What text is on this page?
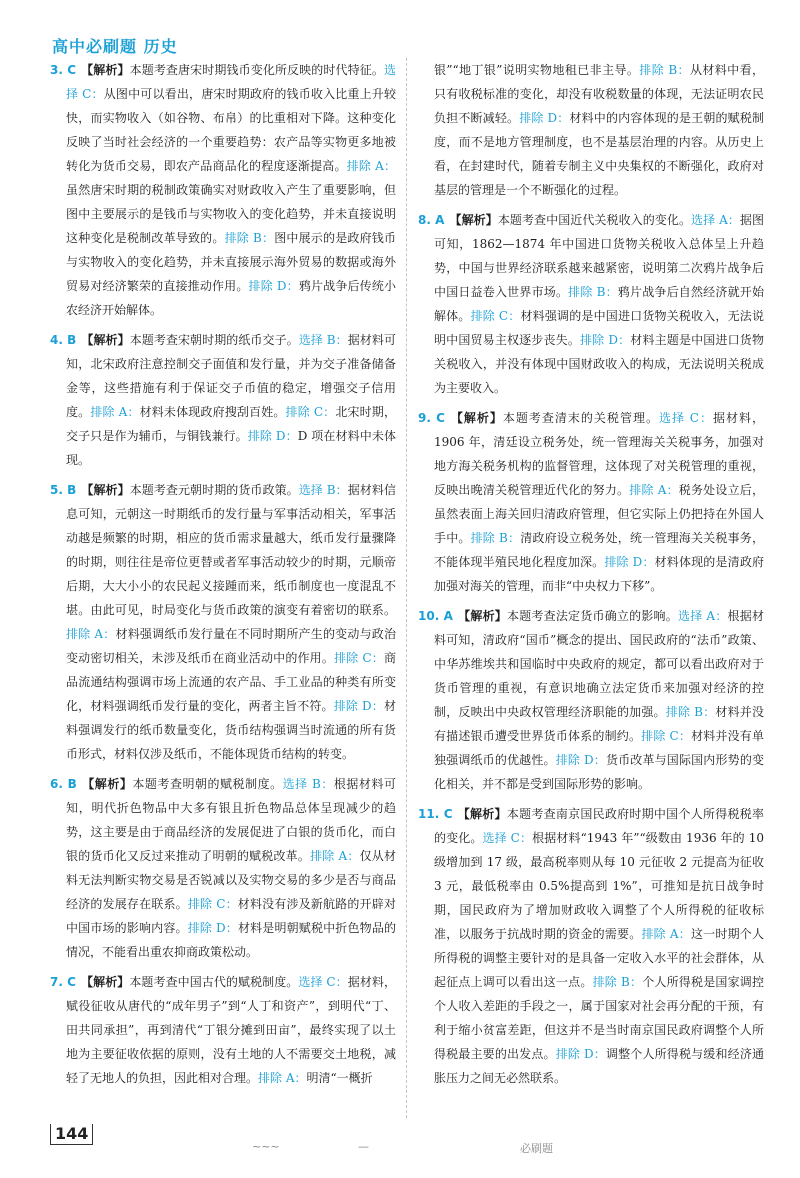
高中必刷题 历史

3. C 【解析】本题考查唐宋时期钱币变化所反映的时代特征。选择 C：从图中可以看出，唐宋时期政府的钱币收入比重上升较快，而实物收入（如谷物、布帛）的比重相对下降。这种变化反映了当时社会经济的一个重要趋势：农产品等实物更多地被转化为货币交易，即农产品商品化的程度逐渐提高。排除 A：虽然唐宋时期的税制政策确实对财政收入产生了重要影响，但图中主要展示的是钱币与实物收入的变化趋势，并未直接说明这种变化是税制改革导致的。排除 B：图中展示的是政府钱币与实物收入的变化趋势，并未直接展示海外贸易的数据或海外贸易对经济繁荣的直接推动作用。排除 D：鸦片战争后传统小农经济开始解体。

4. B 【解析】本题考查宋朝时期的纸币交子。选择 B：据材料可知，北宋政府注意控制交子面值和发行量，并为交子准备储备金等，这些措施有利于保证交子币值的稳定，增强交子信用度。排除 A：材料未体现政府搜刮百姓。排除 C：北宋时期，交子只是作为辅币，与铜钱兼行。排除 D：D 项在材料中未体现。

5. B 【解析】本题考查元朝时期的货币政策。选择 B：据材料信息可知，元朝这一时期纸币的发行量与军事活动相关，军事活动越是频繁的时期，相应的货币需求量越大，纸币发行量骤降的时期，则往往是帝位更替或者军事活动较少的时期，元顺帝后期，大大小小的农民起义接踵而来，纸币制度也一度混乱不堪。由此可见，时局变化与货币政策的演变有着密切的联系。排除 A：材料强调纸币发行量在不同时期所产生的变动与政治变动密切相关，未涉及纸币在商业活动中的作用。排除 C：商品流通结构强调市场上流通的农产品、手工业品的种类有所变化，材料强调纸币发行量的变化，两者主旨不符。排除 D：材料强调发行的纸币数量变化，货币结构强调当时流通的所有货币形式，材料仅涉及纸币，不能体现货币结构的转变。

6. B 【解析】本题考查明朝的赋税制度。选择 B：根据材料可知，明代折色物品中大多有银且折色物品总体呈现减少的趋势，这主要是由于商品经济的发展促进了白银的货币化，而白银的货币化又反过来推动了明朝的赋税改革。排除 A：仅从材料无法判断实物交易是否锐减以及实物交易的多少是否与商品经济的发展存在联系。排除 C：材料没有涉及新航路的开辟对中国市场的影响内容。排除 D：材料是明朝赋税中折色物品的情况，不能看出重农抑商政策松动。

7. C 【解析】本题考查中国古代的赋税制度。选择 C：据材料，赋役征收从唐代的“成年男子”到“人丁和资产”，到明代“丁、田共同承担”，再到清代“丁银分摊到田亩”，最终实现了以土地为主要征收依据的原则，没有土地的人不需要交土地税，减轻了无地人的负担，因此相对合理。排除 A：明清“一概折

银”“地丁银”说明实物地租已非主导。排除 B：从材料中看，只有收税标准的变化，却没有收税数量的体现，无法证明农民负担不断减轻。排除 D：材料中的内容体现的是王朝的赋税制度，而不是地方管理制度，也不是基层治理的内容。从历史上看，在封建时代，随着专制主义中央集权的不断强化，政府对基层的管理是一个不断强化的过程。

8. A 【解析】本题考查中国近代关税收入的变化。选择 A：据图可知，1862—1874 年中国进口货物关税收入总体呈上升趋势，中国与世界经济联系越来越紧密，说明第二次鸦片战争后中国日益卷入世界市场。排除 B：鸦片战争后自然经济就开始解体。排除 C：材料强调的是中国进口货物关税收入，无法说明中国贸易主权逐步丧失。排除 D：材料主题是中国进口货物关税收入，并没有体现中国财政收入的构成，无法说明关税成为主要收入。

9. C 【解析】本题考查清末的关税管理。选择 C：据材料，1906 年，清廷设立税务处，统一管理海关关税事务，加强对地方海关税务机构的监督管理，这体现了对关税管理的重视，反映出晚清关税管理近代化的努力。排除 A：税务处设立后，虽然表面上海关回归清政府管理，但它实际上仍把持在外国人手中。排除 B：清政府设立税务处，统一管理海关关税事务，不能体现半殖民地化程度加深。排除 D：材料体现的是清政府加强对海关的管理，而非“中央权力下移”。

10. A 【解析】本题考查法定货币确立的影响。选择 A：根据材料可知，清政府“国币”概念的提出、国民政府的“法币”政策、中华苏维埃共和国临时中央政府的规定，都可以看出政府对于货币管理的重视，有意识地确立法定货币来加强对经济的控制，反映出中央政权管理经济职能的加强。排除 B：材料并没有描述银币遭受世界货币体系的制约。排除 C：材料并没有单独强调纸币的优越性。排除 D：货币改革与国际国内形势的变化相关，并不都是受到国际形势的影响。

11. C 【解析】本题考查南京国民政府时期中国个人所得税税率的变化。选择 C：根据材料“1943 年”“级数由 1936 年的 10 级增加到 17 级，最高税率则从每 10 元征收 2 元提高为征收 3 元，最低税率由 0.5%提高到 1%”，可推知是抗日战争时期，国民政府为了增加财政收入调整了个人所得税的征收标准，以服务于抗战时期的资金的需要。排除 A：这一时期个人所得税的调整主要针对的是具备一定收入水平的社会群体，从起征点上调可以看出这一点。排除 B：个人所得税是国家调控个人收入差距的手段之一，属于国家对社会再分配的干预，有利于缩小贫富差距，但这并不是当时南京国民政府调整个人所得税最主要的出发点。排除 D：调整个人所得税与缓和经济通胀压力之间无必然联系。

144
~~~	—	必刷题
